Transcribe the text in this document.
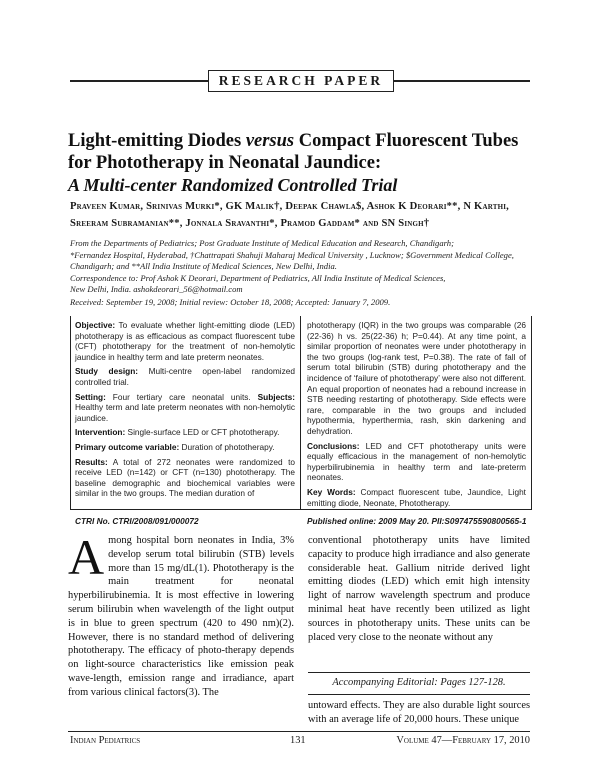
RESEARCH PAPER
Light-emitting Diodes versus Compact Fluorescent Tubes
for Phototherapy in Neonatal Jaundice:
A Multi-center Randomized Controlled Trial
Praveen Kumar, Srinivas Murki*, GK Malik†, Deepak Chawla$, Ashok K Deorari**, N Karthi,
Sreeram Subramanian**, Jonnala Sravanthi*, Pramod Gaddam* and SN Singh†
From the Departments of Pediatrics; Post Graduate Institute of Medical Education and Research, Chandigarh;
*Fernandez Hospital, Hyderabad, †Chattrapati Shahuji Maharaj Medical University , Lucknow; $Government Medical College,
Chandigarh; and **All India Institute of Medical Sciences, New Delhi, India.
Correspondence to: Prof Ashok K Deorari, Department of Pediatrics, All India Institute of Medical Sciences,
New Delhi, India. ashokdeorari_56@hotmail.com
Received: September 19, 2008; Initial review: October 18, 2008; Accepted: January 7, 2009.

Objective: To evaluate whether light-emitting diode (LED) phototherapy is as efficacious as compact fluorescent tube (CFT) phototherapy for the treatment of non-hemolytic jaundice in healthy term and late preterm neonates.

Study design: Multi-centre open-label randomized controlled trial.

Setting: Four tertiary care neonatal units. Subjects: Healthy term and late preterm neonates with non-hemolytic jaundice.

Intervention: Single-surface LED or CFT phototherapy.

Primary outcome variable: Duration of phototherapy.

Results: A total of 272 neonates were randomized to receive LED (n=142) or CFT (n=130) phototherapy. The baseline demographic and biochemical variables were similar in the two groups. The median duration of

phototherapy (IQR) in the two groups was comparable (26 (22-36) h vs. 25(22-36) h; P=0.44). At any time point, a similar proportion of neonates were under phototherapy in the two groups (log-rank test, P=0.38). The rate of fall of serum total bilirubin (STB) during phototherapy and the incidence of ‘failure of phototherapy’ were also not different. An equal proportion of neonates had a rebound increase in STB needing restarting of phototherapy. Side effects were rare, comparable in the two groups and included hypothermia, hyperthermia, rash, skin darkening and dehydration.

Conclusions: LED and CFT phototherapy units were equally efficacious in the management of non-hemolytic hyperbilirubinemia in healthy term and late-preterm neonates.

Key Words: Compact fluorescent tube, Jaundice, Light emitting diode, Neonate, Phototherapy.

CTRI No. CTRI/2008/091/000072	Published online: 2009 May 20. PII:S097475590800565-1
Among hospital born neonates in India, 3% develop serum total bilirubin (STB) levels more than 15 mg/dL(1). Phototherapy is the main treatment for neonatal hyperbilirubinemia. It is most effective in lowering serum bilirubin when wavelength of the light output is in blue to green spectrum (420 to 490 nm)(2). However, there is no standard method of delivering phototherapy. The efficacy of photo-therapy depends on light-source characteristics like emission peak wave-length, emission range and irradiance, apart from various clinical factors(3). The
conventional phototherapy units have limited capacity to produce high irradiance and also generate considerable heat. Gallium nitride derived light emitting diodes (LED) which emit high intensity light of narrow wavelength spectrum and produce minimal heat have recently been utilized as light sources in phototherapy units. These units can be placed very close to the neonate without any
Accompanying Editorial: Pages 127-128.
untoward effects. They are also durable light sources with an average life of 20,000 hours. These unique
Indian Pediatrics	131	Volume 47—February 17, 2010
